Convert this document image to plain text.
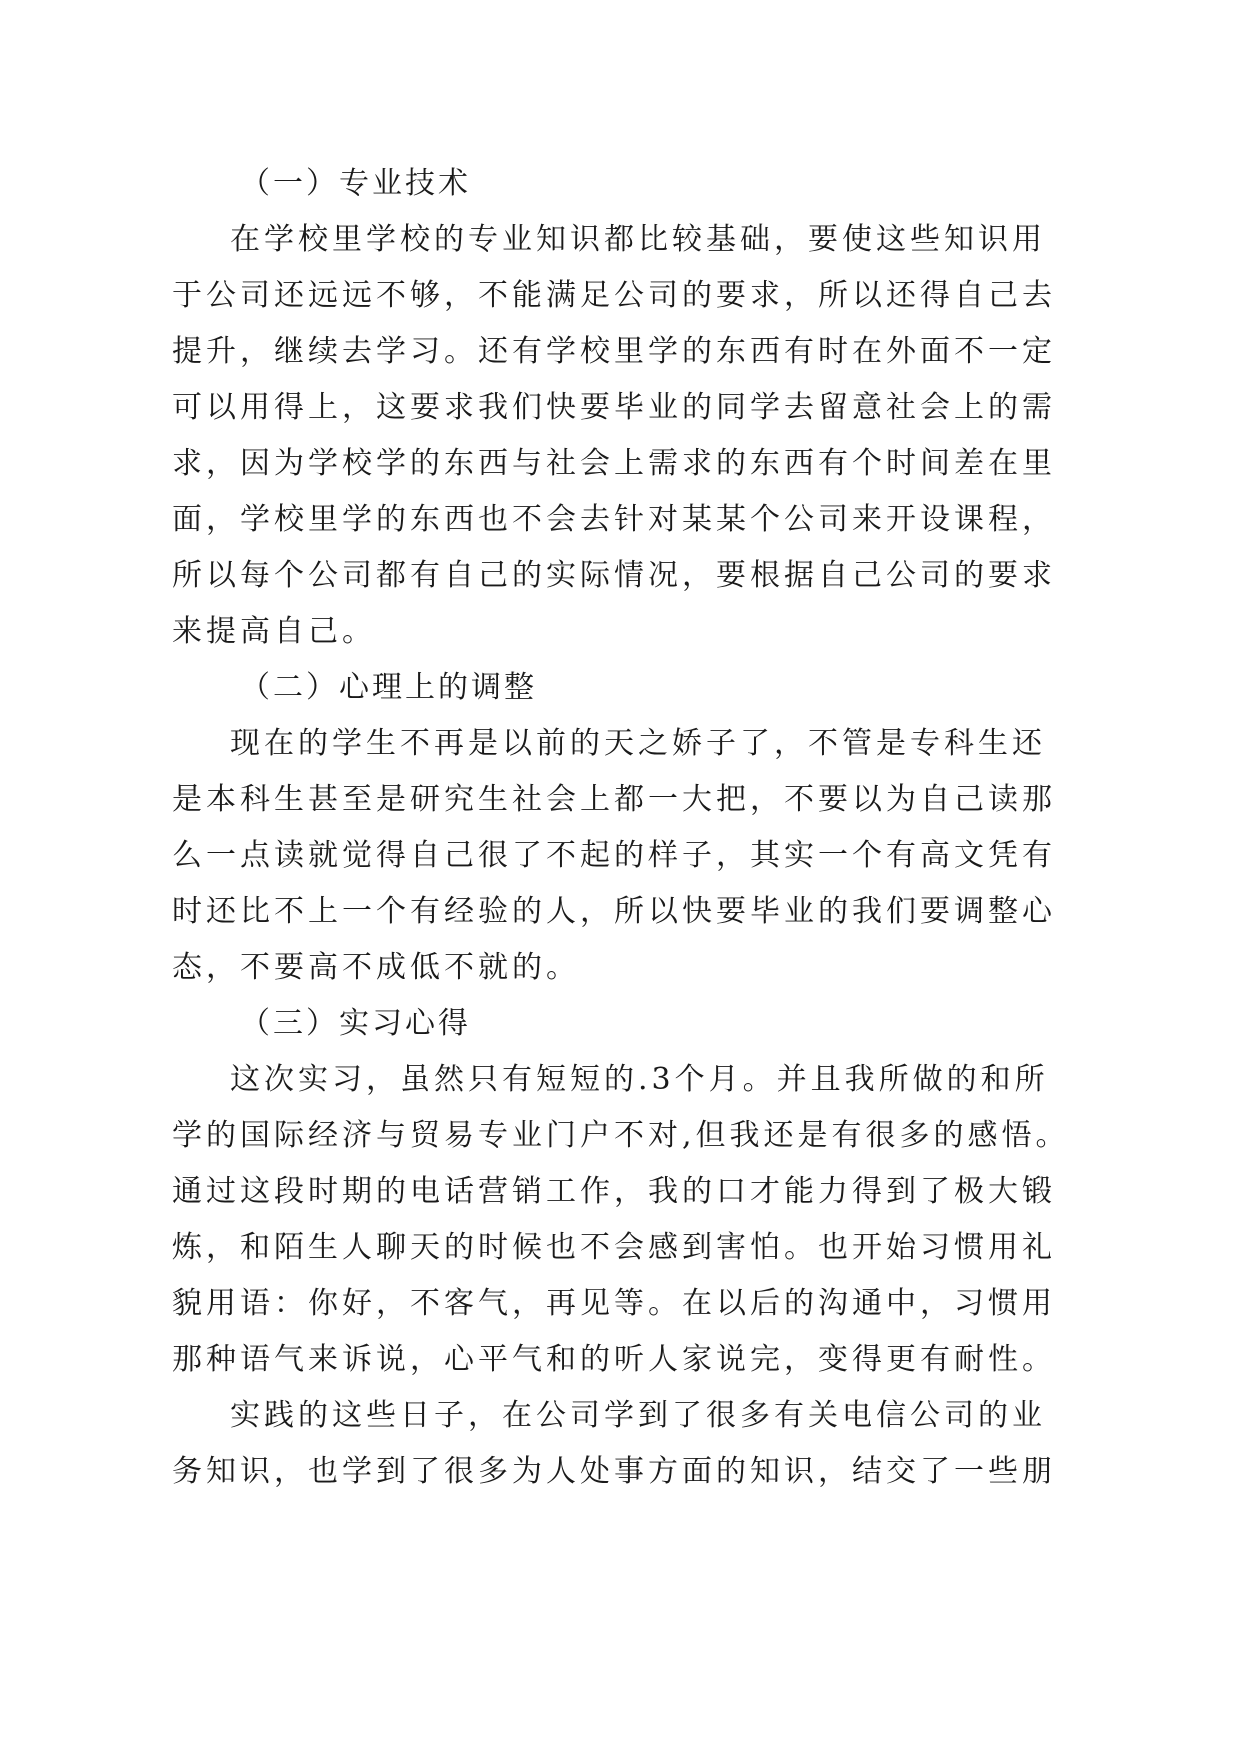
（一）专业技术
在学校里学校的专业知识都比较基础，要使这些知识用
于公司还远远不够，不能满足公司的要求，所以还得自己去
提升，继续去学习。还有学校里学的东西有时在外面不一定
可以用得上，这要求我们快要毕业的同学去留意社会上的需
求，因为学校学的东西与社会上需求的东西有个时间差在里
面，学校里学的东西也不会去针对某某个公司来开设课程，
所以每个公司都有自己的实际情况，要根据自己公司的要求
来提高自己。
（二）心理上的调整
现在的学生不再是以前的天之娇子了，不管是专科生还
是本科生甚至是研究生社会上都一大把，不要以为自己读那
么一点读就觉得自己很了不起的样子，其实一个有高文凭有
时还比不上一个有经验的人，所以快要毕业的我们要调整心
态，不要高不成低不就的。
（三）实习心得
这次实习，虽然只有短短的.3个月。并且我所做的和所
学的国际经济与贸易专业门户不对,但我还是有很多的感悟。
通过这段时期的电话营销工作，我的口才能力得到了极大锻
炼，和陌生人聊天的时候也不会感到害怕。也开始习惯用礼
貌用语：你好，不客气，再见等。在以后的沟通中，习惯用
那种语气来诉说，心平气和的听人家说完，变得更有耐性。
实践的这些日子，在公司学到了很多有关电信公司的业
务知识，也学到了很多为人处事方面的知识，结交了一些朋
